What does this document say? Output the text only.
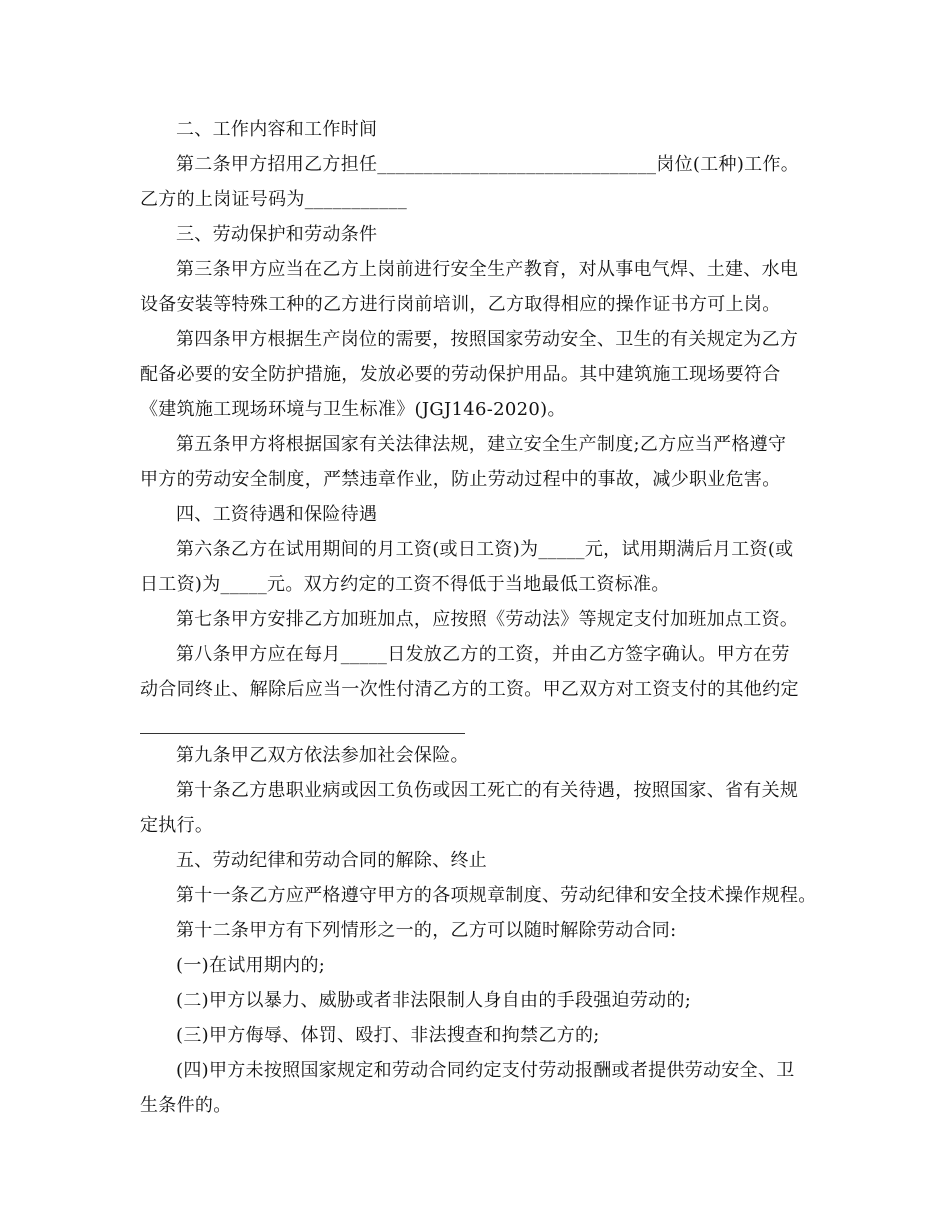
二、工作内容和工作时间
第二条甲方招用乙方担任______________________________岗位(工种)工作。
乙方的上岗证号码为___________
三、劳动保护和劳动条件
第三条甲方应当在乙方上岗前进行安全生产教育，对从事电气焊、土建、水电
设备安装等特殊工种的乙方进行岗前培训，乙方取得相应的操作证书方可上岗。
第四条甲方根据生产岗位的需要，按照国家劳动安全、卫生的有关规定为乙方
配备必要的安全防护措施，发放必要的劳动保护用品。其中建筑施工现场要符合
《建筑施工现场环境与卫生标准》(JGJ146-2020)。
第五条甲方将根据国家有关法律法规，建立安全生产制度;乙方应当严格遵守
甲方的劳动安全制度，严禁违章作业，防止劳动过程中的事故，减少职业危害。
四、工资待遇和保险待遇
第六条乙方在试用期间的月工资(或日工资)为_____元，试用期满后月工资(或
日工资)为_____元。双方约定的工资不得低于当地最低工资标准。
第七条甲方安排乙方加班加点，应按照《劳动法》等规定支付加班加点工资。
第八条甲方应在每月_____日发放乙方的工资，并由乙方签字确认。甲方在劳
动合同终止、解除后应当一次性付清乙方的工资。甲乙双方对工资支付的其他约定
第九条甲乙双方依法参加社会保险。
第十条乙方患职业病或因工负伤或因工死亡的有关待遇，按照国家、省有关规
定执行。
五、劳动纪律和劳动合同的解除、终止
第十一条乙方应严格遵守甲方的各项规章制度、劳动纪律和安全技术操作规程。
第十二条甲方有下列情形之一的，乙方可以随时解除劳动合同:
(一)在试用期内的;
(二)甲方以暴力、威胁或者非法限制人身自由的手段强迫劳动的;
(三)甲方侮辱、体罚、殴打、非法搜查和拘禁乙方的;
(四)甲方未按照国家规定和劳动合同约定支付劳动报酬或者提供劳动安全、卫
生条件的。
